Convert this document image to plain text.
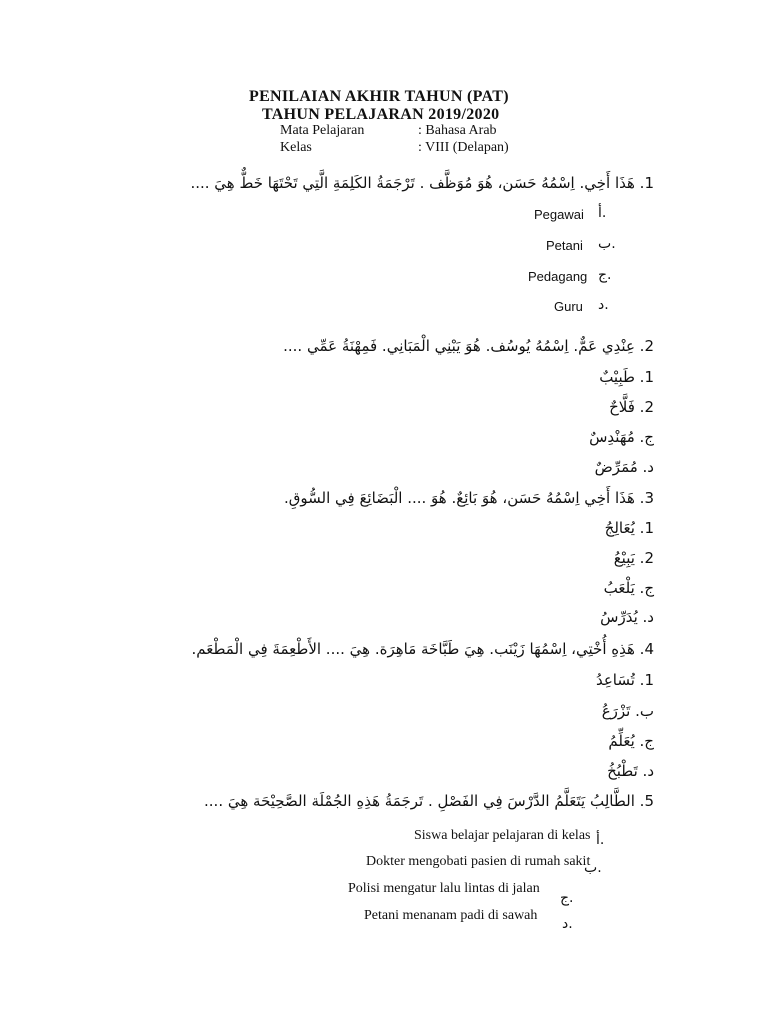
PENILAIAN AKHIR TAHUN (PAT)
TAHUN PELAJARAN 2019/2020
Mata Pelajaran	: Bahasa Arab
Kelas	: VIII (Delapan)
1. هَذَا أَخِي. اِسْمُهُ حَسَن، هُوَ مُوَظَّف . تَرْجَمَةُ الكَلِمَةِ الَّتِي تَحْتَهَا خَطٌّ هِيَ ....
Pegawai أ.
Petani ب.
Pedagang ج.
Guru د.
2. عِنْدِي عَمٌّ. اِسْمُهُ يُوسُف. هُوَ يَبْنِي الْمَبَانِي. فَمِهْنَةُ عَمِّي ....
1. طَبِيْبٌ
2. فَلَّاحٌ
ج. مُهَنْدِسٌ
د. مُمَرِّضٌ
3. هَذَا أَخِي اِسْمُهُ حَسَن، هُوَ بَائِعٌ. هُوَ .... الْبَضَائِعَ فِي السُّوقِ.
1. يُعَالِجُ
2. يَبِيْعُ
ج. يَلْعَبُ
د. يُدَرِّسُ
4. هَذِهِ أُخْتِي، اِسْمُهَا زَيْنَب. هِيَ طَبَّاخَة مَاهِرَة. هِيَ .... الأَطْعِمَةَ فِي الْمَطْعَم.
1. تُسَاعِدُ
ب. تَزْرَعُ
ج. يُعَلِّمُ
د. تَطْبُخُ
5. الطَّالِبُ يَتَعَلَّمُ الدَّرْسَ فِي الفَصْلِ . تَرجَمَةُ هَذِهِ الجُمْلَة الصَّحِيْحَة هِيَ ....
Siswa belajar pelajaran di kelas أ.
Dokter mengobati pasien di rumah sakit
ب.
Polisi mengatur lalu lintas di jalan
ج.
Petani menanam padi di sawah
د.
